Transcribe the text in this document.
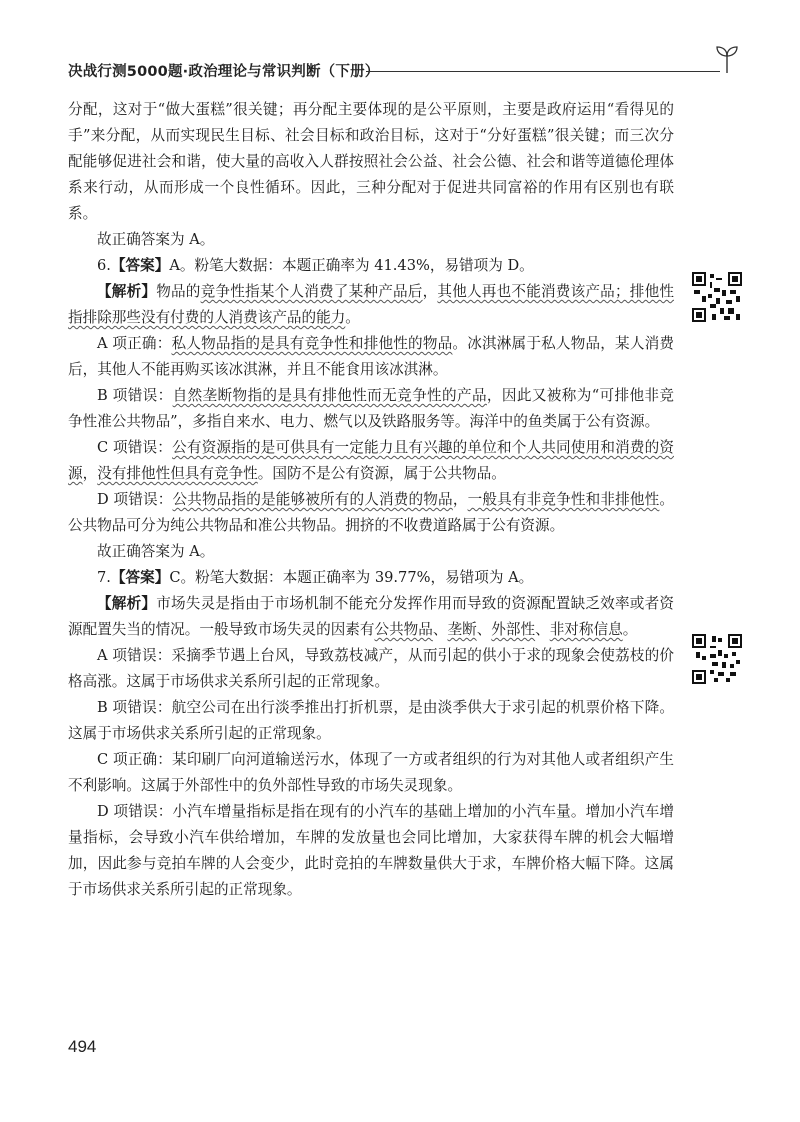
决战行测5000题·政治理论与常识判断（下册）

分配，这对于“做大蛋糕”很关键；再分配主要体现的是公平原则，主要是政府运用“看得见的手”来分配，从而实现民生目标、社会目标和政治目标，这对于“分好蛋糕”很关键；而三次分配能够促进社会和谐，使大量的高收入人群按照社会公益、社会公德、社会和谐等道德伦理体系来行动，从而形成一个良性循环。因此，三种分配对于促进共同富裕的作用有区别也有联系。

故正确答案为 A。

6.【答案】A。粉笔大数据：本题正确率为 41.43%，易错项为 D。

【解析】物品的竞争性指某个人消费了某种产品后，其他人再也不能消费该产品；排他性指排除那些没有付费的人消费该产品的能力。

A 项正确：私人物品指的是具有竞争性和排他性的物品。冰淇淋属于私人物品，某人消费后，其他人不能再购买该冰淇淋，并且不能食用该冰淇淋。

B 项错误：自然垄断物指的是具有排他性而无竞争性的产品，因此又被称为“可排他非竞争性准公共物品”，多指自来水、电力、燃气以及铁路服务等。海洋中的鱼类属于公有资源。

C 项错误：公有资源指的是可供具有一定能力且有兴趣的单位和个人共同使用和消费的资源，没有排他性但具有竞争性。国防不是公有资源，属于公共物品。

D 项错误：公共物品指的是能够被所有的人消费的物品，一般具有非竞争性和非排他性。公共物品可分为纯公共物品和准公共物品。拥挤的不收费道路属于公有资源。

故正确答案为 A。

7.【答案】C。粉笔大数据：本题正确率为 39.77%，易错项为 A。

【解析】市场失灵是指由于市场机制不能充分发挥作用而导致的资源配置缺乏效率或者资源配置失当的情况。一般导致市场失灵的因素有公共物品、垄断、外部性、非对称信息。

A 项错误：采摘季节遇上台风，导致荔枝减产，从而引起的供小于求的现象会使荔枝的价格高涨。这属于市场供求关系所引起的正常现象。

B 项错误：航空公司在出行淡季推出打折机票，是由淡季供大于求引起的机票价格下降。这属于市场供求关系所引起的正常现象。

C 项正确：某印刷厂向河道输送污水，体现了一方或者组织的行为对其他人或者组织产生不利影响。这属于外部性中的负外部性导致的市场失灵现象。

D 项错误：小汽车增量指标是指在现有的小汽车的基础上增加的小汽车量。增加小汽车增量指标，会导致小汽车供给增加，车牌的发放量也会同比增加，大家获得车牌的机会大幅增加，因此参与竞拍车牌的人会变少，此时竞拍的车牌数量供大于求，车牌价格大幅下降。这属于市场供求关系所引起的正常现象。

494
